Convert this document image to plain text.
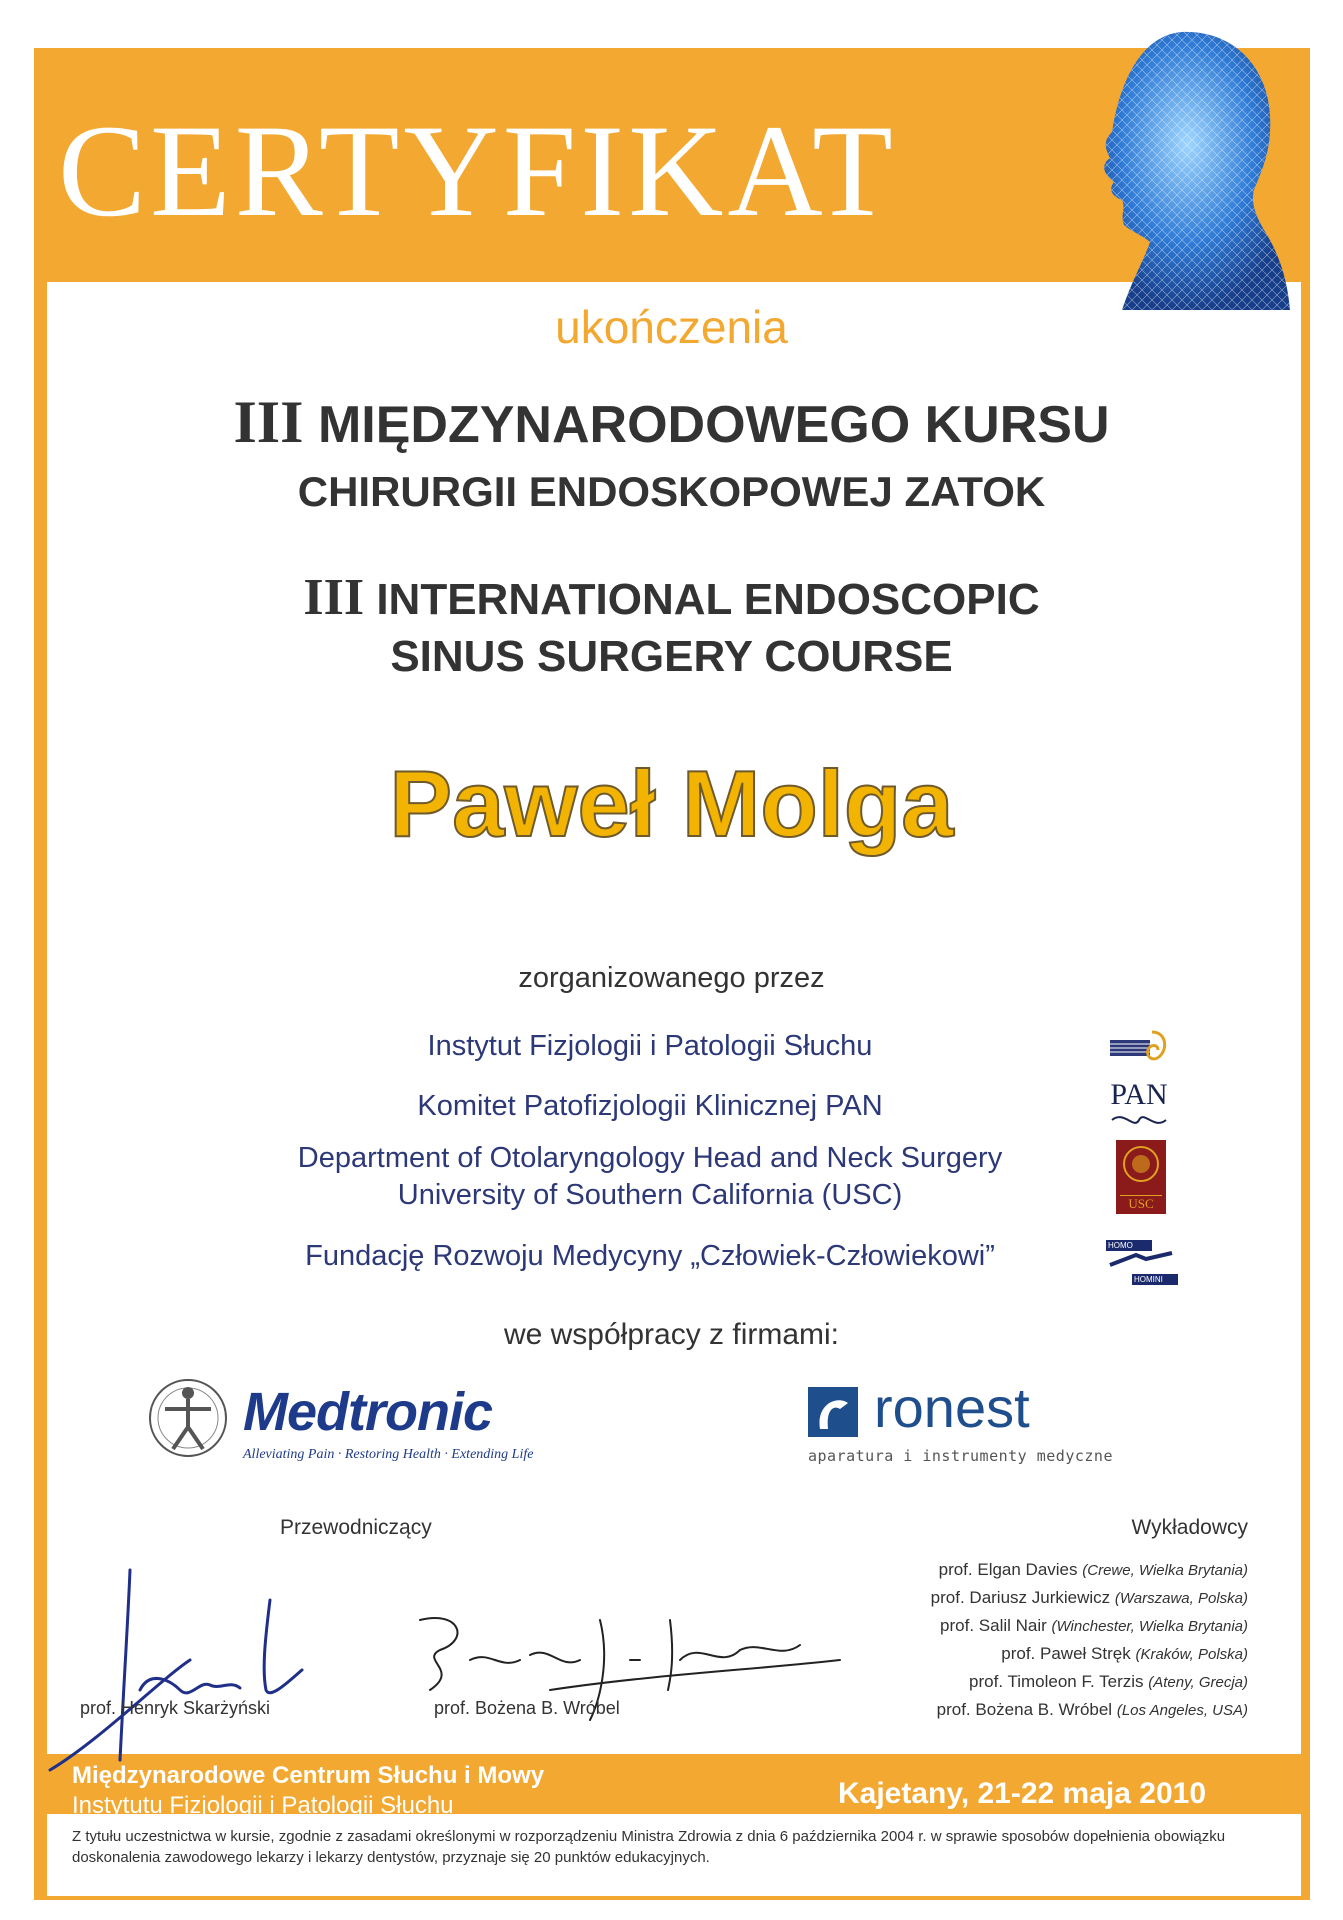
CERTYFIKAT

ukończenia

III MIĘDZYNARODOWEGO KURSU

CHIRURGII ENDOSKOPOWEJ ZATOK

III INTERNATIONAL ENDOSCOPIC

SINUS SURGERY COURSE

Paweł Molga

zorganizowanego przez

Instytut Fizjologii i Patologii Słuchu

Komitet Patofizjologii Klinicznej PAN

Department of Otolaryngology Head and Neck Surgery
University of Southern California (USC)

Fundację Rozwoju Medycyny „Człowiek-Człowiekowi”

PAN
USC
HOMO
HOMINI

we współpracy z firmami:

Medtronic
Alleviating Pain · Restoring Health · Extending Life
ronest
aparatura i instrumenty medyczne

Przewodniczący	Wykładowcy

prof. Elgan Davies (Crewe, Wielka Brytania)

prof. Dariusz Jurkiewicz (Warszawa, Polska)

prof. Salil Nair (Winchester, Wielka Brytania)

prof. Paweł Stręk (Kraków, Polska)

prof. Timoleon F. Terzis (Ateny, Grecja)

prof. Bożena B. Wróbel (Los Angeles, USA)

prof. Henryk Skarżyński	prof. Bożena B. Wróbel

Międzynarodowe Centrum Słuchu i Mowy

Instytutu Fizjologii i Patologii Słuchu	Kajetany, 21-22 maja 2010

Z tytułu uczestnictwa w kursie, zgodnie z zasadami określonymi w rozporządzeniu Ministra Zdrowia z dnia 6 października 2004 r. w sprawie sposobów dopełnienia obowiązku doskonalenia zawodowego lekarzy i lekarzy dentystów, przyznaje się 20 punktów edukacyjnych.
